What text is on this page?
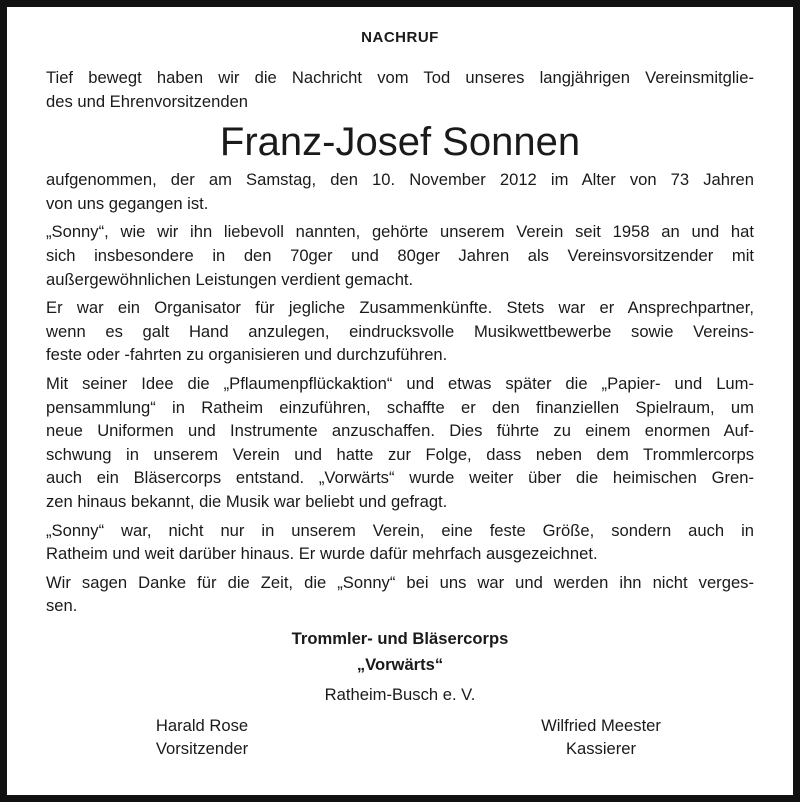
NACHRUF
Tief bewegt haben wir die Nachricht vom Tod unseres langjährigen Vereinsmitglie-
des und Ehrenvorsitzenden
Franz-Josef Sonnen
aufgenommen, der am Samstag, den 10. November 2012 im Alter von 73 Jahren
von uns gegangen ist.
„Sonny“, wie wir ihn liebevoll nannten, gehörte unserem Verein seit 1958 an und hat
sich insbesondere in den 70ger und 80ger Jahren als Vereinsvorsitzender mit
außergewöhnlichen Leistungen verdient gemacht.
Er war ein Organisator für jegliche Zusammenkünfte. Stets war er Ansprechpartner,
wenn es galt Hand anzulegen, eindrucksvolle Musikwettbewerbe sowie Vereins-
feste oder -fahrten zu organisieren und durchzuführen.
Mit seiner Idee die „Pflaumenpflückaktion“ und etwas später die „Papier- und Lum-
pensammlung“ in Ratheim einzuführen, schaffte er den finanziellen Spielraum, um
neue Uniformen und Instrumente anzuschaffen. Dies führte zu einem enormen Auf-
schwung in unserem Verein und hatte zur Folge, dass neben dem Trommlercorps
auch ein Bläsercorps entstand. „Vorwärts“ wurde weiter über die heimischen Gren-
zen hinaus bekannt, die Musik war beliebt und gefragt.
„Sonny“ war, nicht nur in unserem Verein, eine feste Größe, sondern auch in
Ratheim und weit darüber hinaus. Er wurde dafür mehrfach ausgezeichnet.
Wir sagen Danke für die Zeit, die „Sonny“ bei uns war und werden ihn nicht verges-
sen.
Trommler- und Bläsercorps
„Vorwärts“
Ratheim-Busch e. V.
Harald Rose
Vorsitzender
Wilfried Meester
Kassierer
